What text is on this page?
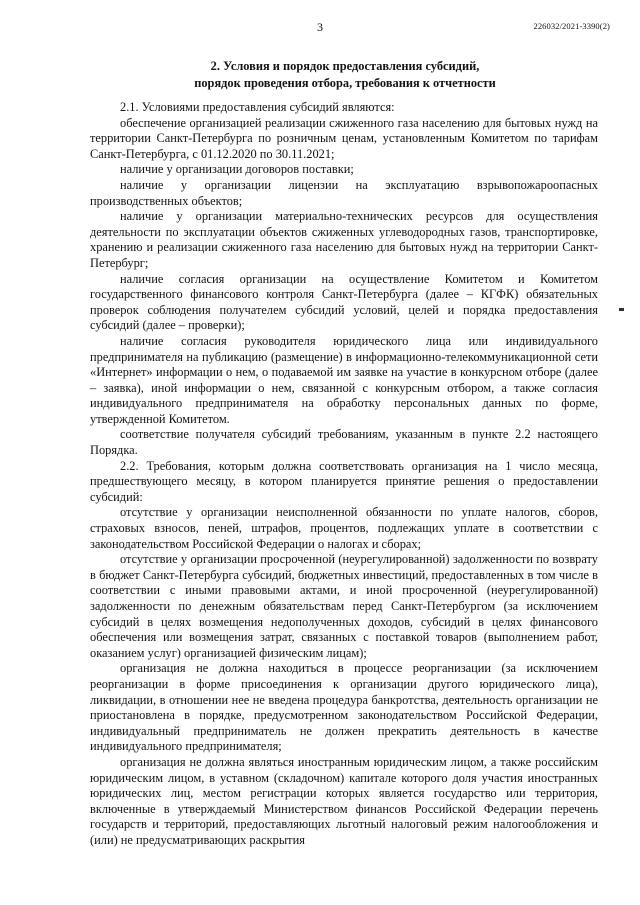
3	226032/2021-3390(2)
2. Условия и порядок предоставления субсидий,
порядок проведения отбора, требования к отчетности

2.1. Условиями предоставления субсидий являются:

обеспечение организацией реализации сжиженного газа населению для бытовых нужд на территории Санкт-Петербурга по розничным ценам, установленным Комитетом по тарифам Санкт-Петербурга, с 01.12.2020 по 30.11.2021;

наличие у организации договоров поставки;

наличие у организации лицензии на эксплуатацию взрывопожароопасных производственных объектов;

наличие у организации материально-технических ресурсов для осуществления деятельности по эксплуатации объектов сжиженных углеводородных газов, транспортировке, хранению и реализации сжиженного газа населению для бытовых нужд на территории Санкт-Петербург;

наличие согласия организации на осуществление Комитетом и Комитетом государственного финансового контроля Санкт-Петербурга (далее – КГФК) обязательных проверок соблюдения получателем субсидий условий, целей и порядка предоставления субсидий (далее – проверки);

наличие согласия руководителя юридического лица или индивидуального предпринимателя на публикацию (размещение) в информационно-телекоммуникационной сети «Интернет» информации о нем, о подаваемой им заявке на участие в конкурсном отборе (далее – заявка), иной информации о нем, связанной с конкурсным отбором, а также согласия индивидуального предпринимателя на обработку персональных данных по форме, утвержденной Комитетом.

соответствие получателя субсидий требованиям, указанным в пункте 2.2 настоящего Порядка.

2.2. Требования, которым должна соответствовать организация на 1 число месяца, предшествующего месяцу, в котором планируется принятие решения о предоставлении субсидий:

отсутствие у организации неисполненной обязанности по уплате налогов, сборов, страховых взносов, пеней, штрафов, процентов, подлежащих уплате в соответствии с законодательством Российской Федерации о налогах и сборах;

отсутствие у организации просроченной (неурегулированной) задолженности по возврату в бюджет Санкт-Петербурга субсидий, бюджетных инвестиций, предоставленных в том числе в соответствии с иными правовыми актами, и иной просроченной (неурегулированной) задолженности по денежным обязательствам перед Санкт-Петербургом (за исключением субсидий в целях возмещения недополученных доходов, субсидий в целях финансового обеспечения или возмещения затрат, связанных с поставкой товаров (выполнением работ, оказанием услуг) организацией физическим лицам);

организация не должна находиться в процессе реорганизации (за исключением реорганизации в форме присоединения к организации другого юридического лица), ликвидации, в отношении нее не введена процедура банкротства, деятельность организации не приостановлена в порядке, предусмотренном законодательством Российской Федерации, индивидуальный предприниматель не должен прекратить деятельность в качестве индивидуального предпринимателя;

организация не должна являться иностранным юридическим лицом, а также российским юридическим лицом, в уставном (складочном) капитале которого доля участия иностранных юридических лиц, местом регистрации которых является государство или территория, включенные в утверждаемый Министерством финансов Российской Федерации перечень государств и территорий, предоставляющих льготный налоговый режим налогообложения и (или) не предусматривающих раскрытия
